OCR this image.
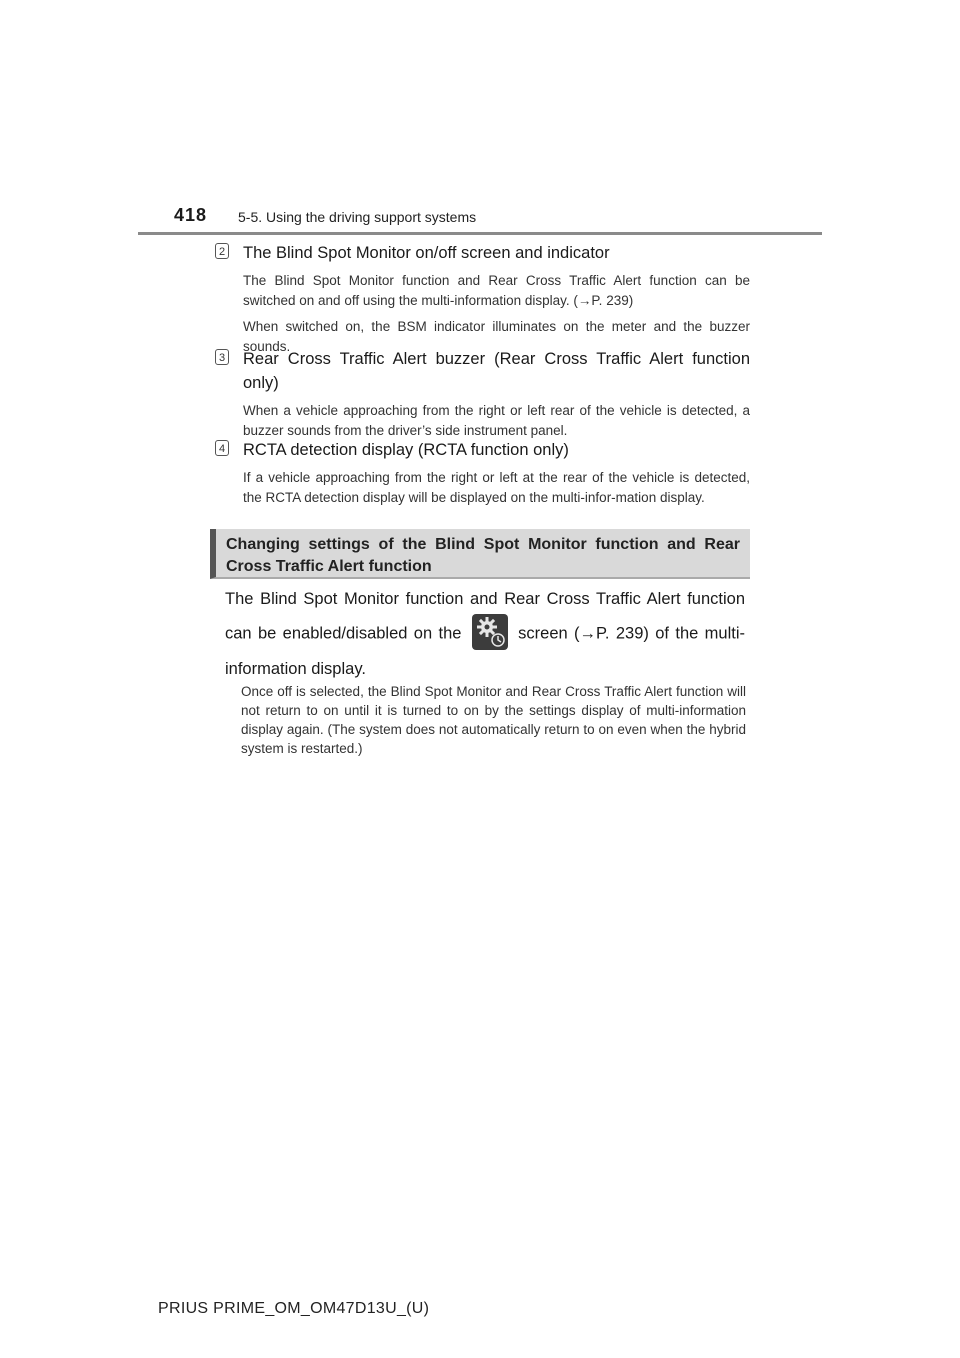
418 5-5. Using the driving support systems
2 The Blind Spot Monitor on/off screen and indicator

The Blind Spot Monitor function and Rear Cross Traffic Alert function can be switched on and off using the multi-information display. (→P. 239)

When switched on, the BSM indicator illuminates on the meter and the buzzer sounds.

3 Rear Cross Traffic Alert buzzer (Rear Cross Traffic Alert function only)

When a vehicle approaching from the right or left rear of the vehicle is detected, a buzzer sounds from the driver’s side instrument panel.

4 RCTA detection display (RCTA function only)

If a vehicle approaching from the right or left at the rear of the vehicle is detected, the RCTA detection display will be displayed on the multi-infor-mation display.

Changing settings of the Blind Spot Monitor function and Rear Cross Traffic Alert function
The Blind Spot Monitor function and Rear Cross Traffic Alert function can be enabled/disabled on the	screen (→P. 239) of the multi-information display.
Once off is selected, the Blind Spot Monitor and Rear Cross Traffic Alert function will not return to on until it is turned to on by the settings display of multi-information display again. (The system does not automatically return to on even when the hybrid system is restarted.)
PRIUS PRIME_OM_OM47D13U_(U)
